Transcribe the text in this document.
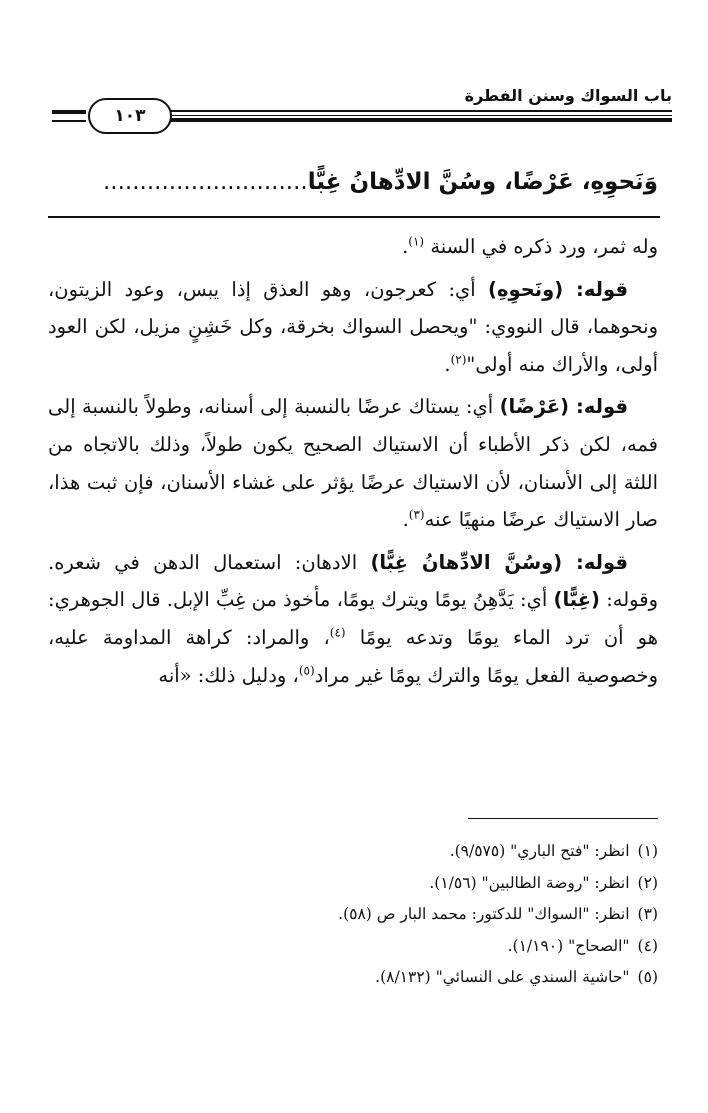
باب السواك وسنن الفطرة
١٠٣
وَنَحوِهِ، عَرْضًا، وسُنَّ الادِّهانُ غِبًّا............................

وله ثمر، ورد ذكره في السنة $^{(١)}$.

قوله: (ونَحوِهِ) أي: كعرجون، وهو العذق إذا يبس، وعود الزيتون، ونحوهما، قال النووي: "ويحصل السواك بخرقة، وكل خَشِنٍ مزيل، لكن العود أولى، والأراك منه أولى"$^{(٢)}$.

قوله: (عَرْضًا) أي: يستاك عرضًا بالنسبة إلى أسنانه، وطولاً بالنسبة إلى فمه، لكن ذكر الأطباء أن الاستياك الصحيح يكون طولاً، وذلك بالاتجاه من اللثة إلى الأسنان، لأن الاستياك عرضًا يؤثر على غشاء الأسنان، فإن ثبت هذا، صار الاستياك عرضًا منهيًا عنه$^{(٣)}$.

قوله: (وسُنَّ الادِّهانُ غِبًّا) الادهان: استعمال الدهن في شعره. وقوله: (غِبًّا) أي: يَدَّهِنُ يومًا ويترك يومًا، مأخوذ من غِبِّ الإبل. قال الجوهري: هو أن ترد الماء يومًا وتدعه يومًا $^{(٤)}$، والمراد: كراهة المداومة عليه، وخصوصية الفعل يومًا والترك يومًا غير مراد$^{(٥)}$، ودليل ذلك: «أنه

(١)انظر: "فتح الباري" (٩/٥٧٥).
(٢)انظر: "روضة الطالبين" (١/٥٦).
(٣)انظر: "السواك" للدكتور: محمد البار ص (٥٨).
(٤)"الصحاح" (١/١٩٠).
(٥)"حاشية السندي على النسائي" (٨/١٣٢).
